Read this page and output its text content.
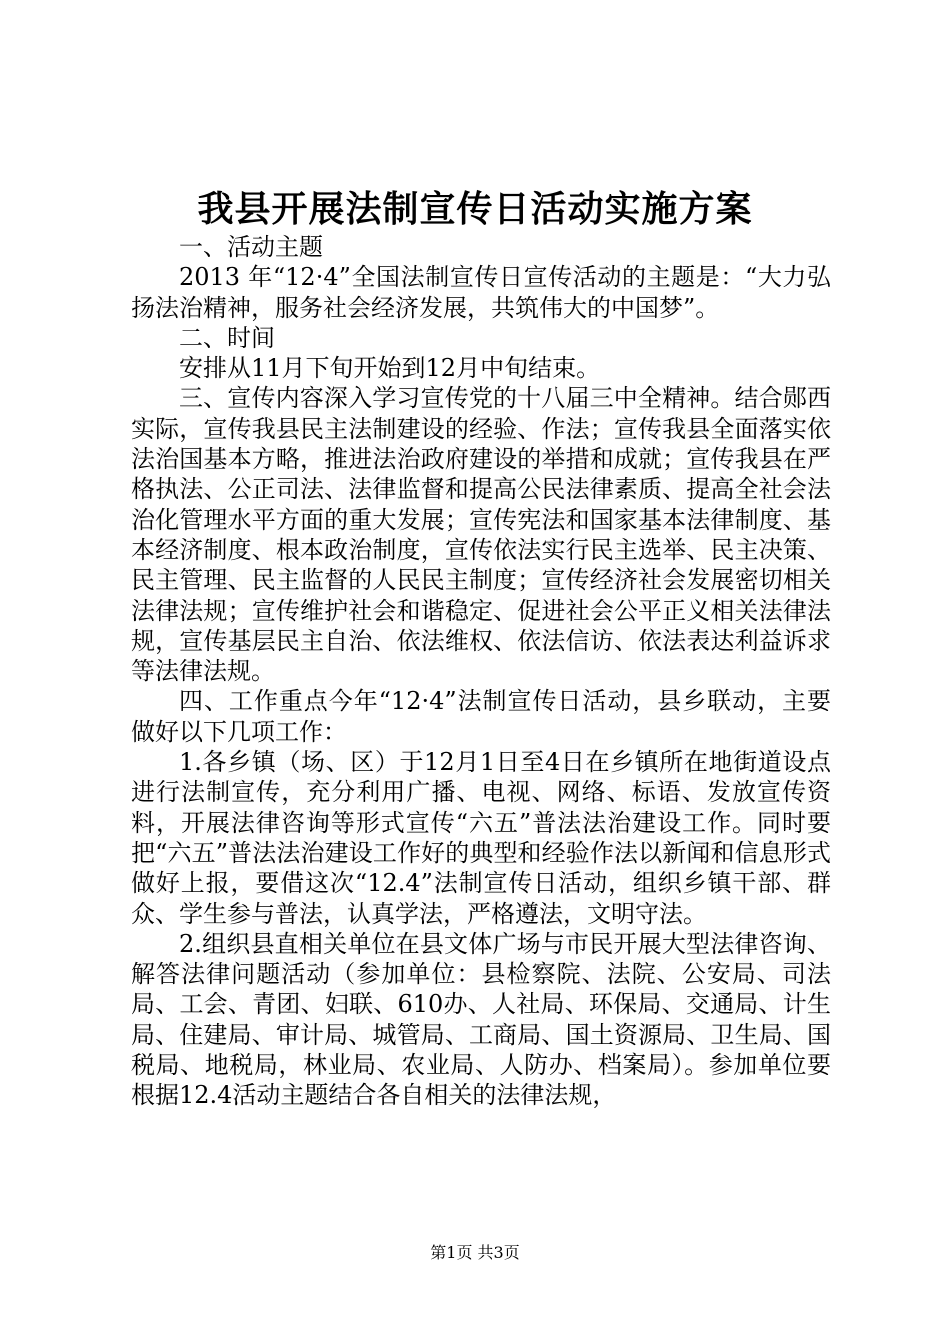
我县开展法制宣传日活动实施方案

一、活动主题

2013 年“12·4”全国法制宣传日宣传活动的主题是：“大力弘扬法治精神，服务社会经济发展，共筑伟大的中国梦”。

二、时间

安排从11月下旬开始到12月中旬结束。

三、宣传内容深入学习宣传党的十八届三中全精神。结合郧西实际，宣传我县民主法制建设的经验、作法；宣传我县全面落实依法治国基本方略，推进法治政府建设的举措和成就；宣传我县在严格执法、公正司法、法律监督和提高公民法律素质、提高全社会法治化管理水平方面的重大发展；宣传宪法和国家基本法律制度、基本经济制度、根本政治制度，宣传依法实行民主选举、民主决策、民主管理、民主监督的人民民主制度；宣传经济社会发展密切相关法律法规；宣传维护社会和谐稳定、促进社会公平正义相关法律法规，宣传基层民主自治、依法维权、依法信访、依法表达利益诉求等法律法规。

四、工作重点今年“12·4”法制宣传日活动，县乡联动，主要做好以下几项工作：

1.各乡镇（场、区）于12月1日至4日在乡镇所在地街道设点进行法制宣传，充分利用广播、电视、网络、标语、发放宣传资料，开展法律咨询等形式宣传“六五”普法法治建设工作。同时要把“六五”普法法治建设工作好的典型和经验作法以新闻和信息形式做好上报，要借这次“12.4”法制宣传日活动，组织乡镇干部、群众、学生参与普法，认真学法，严格遵法，文明守法。

2.组织县直相关单位在县文体广场与市民开展大型法律咨询、解答法律问题活动（参加单位：县检察院、法院、公安局、司法局、工会、青团、妇联、610办、人社局、环保局、交通局、计生局、住建局、审计局、城管局、工商局、国土资源局、卫生局、国税局、地税局，林业局、农业局、人防办、档案局）。参加单位要根据12.4活动主题结合各自相关的法律法规，

第1页 共3页
